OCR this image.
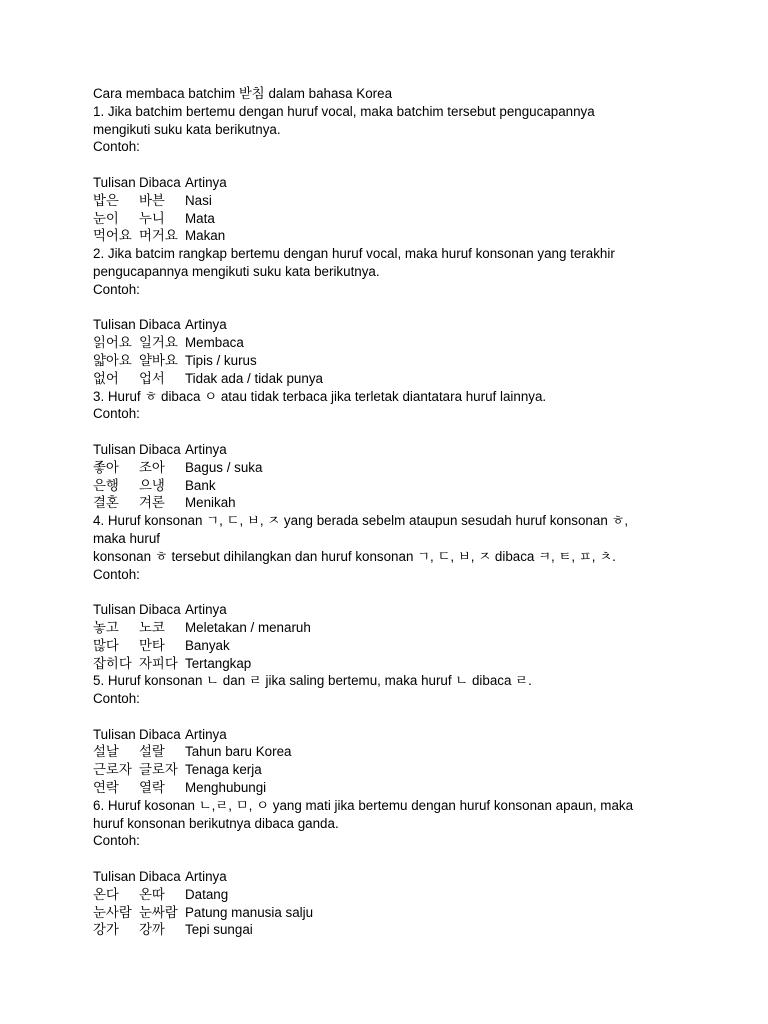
Cara membaca batchim 받침 dalam bahasa Korea
1. Jika batchim bertemu dengan huruf vocal, maka batchim tersebut pengucapannya
mengikuti suku kata berikutnya.
Contoh:
Tulisan Dibaca Artinya
밥은	바븐	Nasi
눈이	누니	Mata
먹어요 머거요 Makan
2. Jika batcim rangkap bertemu dengan huruf vocal, maka huruf konsonan yang terakhir
pengucapannya mengikuti suku kata berikutnya.
Contoh:
Tulisan Dibaca Artinya
읽어요 일거요 Membaca
얇아요 얄바요 Tipis / kurus
없어	업서	Tidak ada / tidak punya
3. Huruf ㅎ dibaca ㅇ atau tidak terbaca jika terletak diantatara huruf lainnya.
Contoh:
Tulisan Dibaca Artinya
좋아	조아	Bagus / suka
은행	으냉	Bank
결혼	겨론	Menikah
4. Huruf konsonan ㄱ, ㄷ, ㅂ, ㅈ yang berada sebelm ataupun sesudah huruf konsonan ㅎ,
maka huruf
konsonan ㅎ tersebut dihilangkan dan huruf konsonan ㄱ, ㄷ, ㅂ, ㅈ dibaca ㅋ, ㅌ, ㅍ, ㅊ.
Contoh:
Tulisan Dibaca Artinya
놓고	노코	Meletakan / menaruh
많다	만타	Banyak
잡히다 자피다 Tertangkap
5. Huruf konsonan ㄴ dan ㄹ jika saling bertemu, maka huruf ㄴ dibaca ㄹ.
Contoh:
Tulisan Dibaca Artinya
설날	설랄	Tahun baru Korea
근로자 글로자 Tenaga kerja
연락	열락	Menghubungi
6. Huruf kosonan ㄴ,ㄹ, ㅁ, ㅇ yang mati jika bertemu dengan huruf konsonan apaun, maka
huruf konsonan berikutnya dibaca ganda.
Contoh:
Tulisan Dibaca Artinya
온다	온따	Datang
눈사람 눈싸람 Patung manusia salju
강가	강까	Tepi sungai
